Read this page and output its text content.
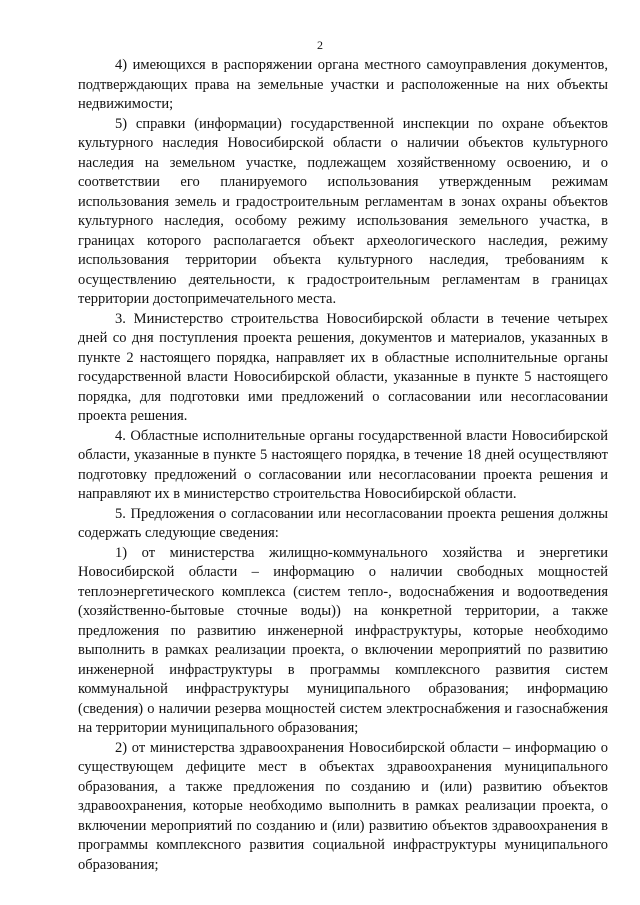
2

4) имеющихся в распоряжении органа местного самоуправления документов, подтверждающих права на земельные участки и расположенные на них объекты недвижимости;

5) справки (информации) государственной инспекции по охране объектов культурного наследия Новосибирской области о наличии объектов культурного наследия на земельном участке, подлежащем хозяйственному освоению, и о соответствии его планируемого использования утвержденным режимам использования земель и градостроительным регламентам в зонах охраны объектов культурного наследия, особому режиму использования земельного участка, в границах которого располагается объект археологического наследия, режиму использования территории объекта культурного наследия, требованиям к осуществлению деятельности, к градостроительным регламентам в границах территории достопримечательного места.

3. Министерство строительства Новосибирской области в течение четырех дней со дня поступления проекта решения, документов и материалов, указанных в пункте 2 настоящего порядка, направляет их в областные исполнительные органы государственной власти Новосибирской области, указанные в пункте 5 настоящего порядка, для подготовки ими предложений о согласовании или несогласовании проекта решения.

4. Областные исполнительные органы государственной власти Новосибирской области, указанные в пункте 5 настоящего порядка, в течение 18 дней осуществляют подготовку предложений о согласовании или несогласовании проекта решения и направляют их в министерство строительства Новосибирской области.

5. Предложения о согласовании или несогласовании проекта решения должны содержать следующие сведения:

1) от министерства жилищно-коммунального хозяйства и энергетики Новосибирской области – информацию о наличии свободных мощностей теплоэнергетического комплекса (систем тепло-, водоснабжения и водоотведения (хозяйственно-бытовые сточные воды)) на конкретной территории, а также предложения по развитию инженерной инфраструктуры, которые необходимо выполнить в рамках реализации проекта, о включении мероприятий по развитию инженерной инфраструктуры в программы комплексного развития систем коммунальной инфраструктуры муниципального образования; информацию (сведения) о наличии резерва мощностей систем электроснабжения и газоснабжения на территории муниципального образования;

2) от министерства здравоохранения Новосибирской области – информацию о существующем дефиците мест в объектах здравоохранения муниципального образования, а также предложения по созданию и (или) развитию объектов здравоохранения, которые необходимо выполнить в рамках реализации проекта, о включении мероприятий по созданию и (или) развитию объектов здравоохранения в программы комплексного развития социальной инфраструктуры муниципального образования;
